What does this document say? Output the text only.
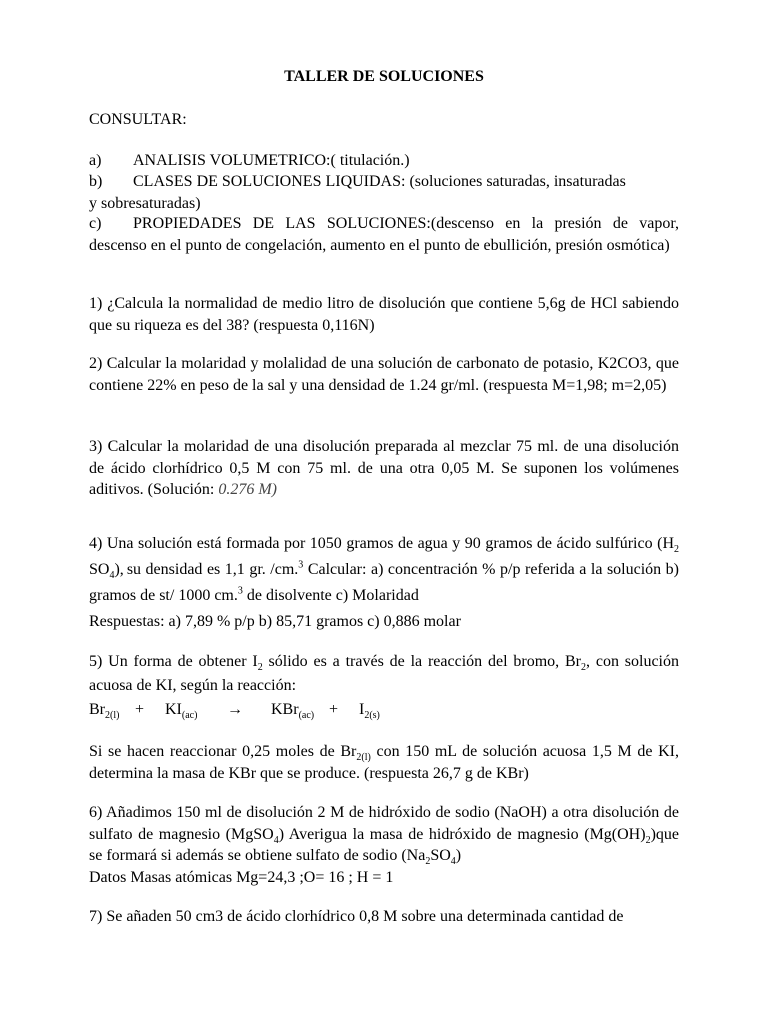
TALLER DE SOLUCIONES

CONSULTAR:

a)	ANALISIS VOLUMETRICO:( titulación.)
b) CLASES DE SOLUCIONES LIQUIDAS: (soluciones saturadas, insaturadas
y sobresaturadas)
c) PROPIEDADES DE LAS SOLUCIONES:(descenso en la presión de vapor, descenso en el punto de congelación, aumento en el punto de ebullición, presión osmótica)

1) ¿Calcula la normalidad de medio litro de disolución que contiene 5,6g de HCl sabiendo que su riqueza es del 38? (respuesta 0,116N)

2) Calcular la molaridad y molalidad de una solución de carbonato de potasio, K2CO3, que contiene 22% en peso de la sal y una densidad de 1.24 gr/ml. (respuesta M=1,98; m=2,05)

3) Calcular la molaridad de una disolución preparada al mezclar 75 ml. de una disolución de ácido clorhídrico 0,5 M con 75 ml. de una otra 0,05 M. Se suponen los volúmenes aditivos. (Solución: 0.276 M)

4) Una solución está formada por 1050 gramos de agua y 90 gramos de ácido sulfúrico ($H_2$ $SO_4$), su densidad es 1,1 gr. /cm.$^3$ Calcular: a) concentración % p/p referida a la solución b) gramos de st/ 1000 cm.$^3$ de disolvente c) Molaridad
Respuestas: a) 7,89 % p/p b) 85,71 gramos c) 0,886 molar

5) Un forma de obtener $I_2$ sólido es a través de la reacción del bromo, $Br_2$, con solución acuosa de KI, según la reacción:

$Br_{2(l)}$ +	$KI_{(ac)}$	→	KBr$_{(ac)}$ +	$I_{2(s)}$

Si se hacen reaccionar 0,25 moles de $Br_{2(l)}$ con 150 mL de solución acuosa 1,5 M de KI, determina la masa de KBr que se produce. (respuesta 26,7 g de KBr)

6) Añadimos 150 ml de disolución 2 M de hidróxido de sodio (NaOH) a otra disolución de sulfato de magnesio (MgSO$_4$) Averigua la masa de hidróxido de magnesio $(Mg(OH)_2)que$ se formará si además se obtiene sulfato de sodio $(Na_2SO_4)$
Datos Masas atómicas Mg=24,3 ;O= 16 ; H = 1

7) Se añaden 50 cm3 de ácido clorhídrico 0,8 M sobre una determinada cantidad de
